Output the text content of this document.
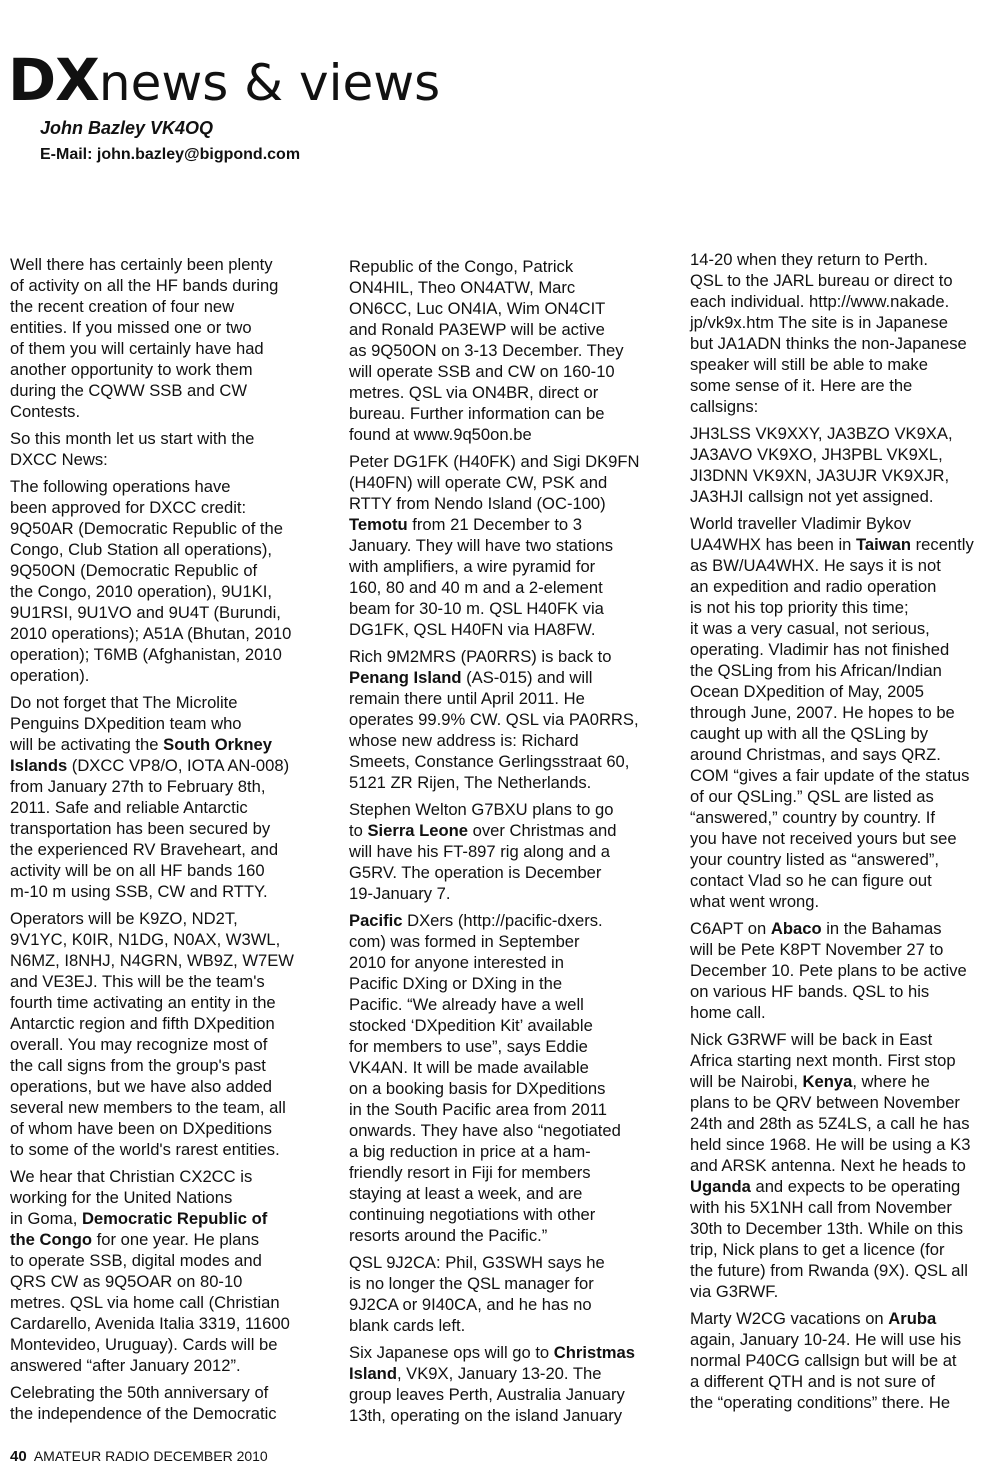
DXnews & views
John Bazley VK4OQ
E-Mail: john.bazley@bigpond.com

Well there has certainly been plenty
of activity on all the HF bands during
the recent creation of four new
entities. If you missed one or two
of them you will certainly have had
another opportunity to work them
during the CQWW SSB and CW
Contests.

So this month let us start with the
DXCC News:

The following operations have
been approved for DXCC credit:
9Q50AR (Democratic Republic of the
Congo, Club Station all operations),
9Q50ON (Democratic Republic of
the Congo, 2010 operation), 9U1KI,
9U1RSI, 9U1VO and 9U4T (Burundi,
2010 operations); A51A (Bhutan, 2010
operation); T6MB (Afghanistan, 2010
operation).

Do not forget that The Microlite
Penguins DXpedition team who
will be activating the South Orkney
Islands (DXCC VP8/O, IOTA AN-008)
from January 27th to February 8th,
2011. Safe and reliable Antarctic
transportation has been secured by
the experienced RV Braveheart, and
activity will be on all HF bands 160
m-10 m using SSB, CW and RTTY.

Operators will be K9ZO, ND2T,
9V1YC, K0IR, N1DG, N0AX, W3WL,
N6MZ, I8NHJ, N4GRN, WB9Z, W7EW
and VE3EJ. This will be the team's
fourth time activating an entity in the
Antarctic region and fifth DXpedition
overall. You may recognize most of
the call signs from the group's past
operations, but we have also added
several new members to the team, all
of whom have been on DXpeditions
to some of the world's rarest entities.

We hear that Christian CX2CC is
working for the United Nations
in Goma, Democratic Republic of
the Congo for one year. He plans
to operate SSB, digital modes and
QRS CW as 9Q5OAR on 80-10
metres. QSL via home call (Christian
Cardarello, Avenida Italia 3319, 11600
Montevideo, Uruguay). Cards will be
answered “after January 2012”.

Celebrating the 50th anniversary of
the independence of the Democratic

Republic of the Congo, Patrick
ON4HIL, Theo ON4ATW, Marc
ON6CC, Luc ON4IA, Wim ON4CIT
and Ronald PA3EWP will be active
as 9Q50ON on 3-13 December. They
will operate SSB and CW on 160-10
metres. QSL via ON4BR, direct or
bureau. Further information can be
found at www.9q50on.be

Peter DG1FK (H40FK) and Sigi DK9FN
(H40FN) will operate CW, PSK and
RTTY from Nendo Island (OC-100)
Temotu from 21 December to 3
January. They will have two stations
with amplifiers, a wire pyramid for
160, 80 and 40 m and a 2-element
beam for 30-10 m. QSL H40FK via
DG1FK, QSL H40FN via HA8FW.

Rich 9M2MRS (PA0RRS) is back to
Penang Island (AS-015) and will
remain there until April 2011. He
operates 99.9% CW. QSL via PA0RRS,
whose new address is: Richard
Smeets, Constance Gerlingsstraat 60,
5121 ZR Rijen, The Netherlands.

Stephen Welton G7BXU plans to go
to Sierra Leone over Christmas and
will have his FT-897 rig along and a
G5RV. The operation is December
19-January 7.

Pacific DXers (http://pacific-dxers.
com) was formed in September
2010 for anyone interested in
Pacific DXing or DXing in the
Pacific. “We already have a well
stocked ‘DXpedition Kit’ available
for members to use”, says Eddie
VK4AN. It will be made available
on a booking basis for DXpeditions
in the South Pacific area from 2011
onwards. They have also “negotiated
a big reduction in price at a ham-
friendly resort in Fiji for members
staying at least a week, and are
continuing negotiations with other
resorts around the Pacific.”

QSL 9J2CA: Phil, G3SWH says he
is no longer the QSL manager for
9J2CA or 9I40CA, and he has no
blank cards left.

Six Japanese ops will go to Christmas
Island, VK9X, January 13-20. The
group leaves Perth, Australia January
13th, operating on the island January

14-20 when they return to Perth.
QSL to the JARL bureau or direct to
each individual. http://www.nakade.
jp/vk9x.htm The site is in Japanese
but JA1ADN thinks the non-Japanese
speaker will still be able to make
some sense of it. Here are the
callsigns:

JH3LSS VK9XXY, JA3BZO VK9XA,
JA3AVO VK9XO, JH3PBL VK9XL,
JI3DNN VK9XN, JA3UJR VK9XJR,
JA3HJI callsign not yet assigned.

World traveller Vladimir Bykov
UA4WHX has been in Taiwan recently
as BW/UA4WHX. He says it is not
an expedition and radio operation
is not his top priority this time;
it was a very casual, not serious,
operating. Vladimir has not finished
the QSLing from his African/Indian
Ocean DXpedition of May, 2005
through June, 2007. He hopes to be
caught up with all the QSLing by
around Christmas, and says QRZ.
COM “gives a fair update of the status
of our QSLing.” QSL are listed as
“answered,” country by country. If
you have not received yours but see
your country listed as “answered”,
contact Vlad so he can figure out
what went wrong.

C6APT on Abaco in the Bahamas
will be Pete K8PT November 27 to
December 10. Pete plans to be active
on various HF bands. QSL to his
home call.

Nick G3RWF will be back in East
Africa starting next month. First stop
will be Nairobi, Kenya, where he
plans to be QRV between November
24th and 28th as 5Z4LS, a call he has
held since 1968. He will be using a K3
and ARSK antenna. Next he heads to
Uganda and expects to be operating
with his 5X1NH call from November
30th to December 13th. While on this
trip, Nick plans to get a licence (for
the future) from Rwanda (9X). QSL all
via G3RWF.

Marty W2CG vacations on Aruba
again, January 10-24. He will use his
normal P40CG callsign but will be at
a different QTH and is not sure of
the “operating conditions” there. He

40 AMATEUR RADIO DECEMBER 2010
